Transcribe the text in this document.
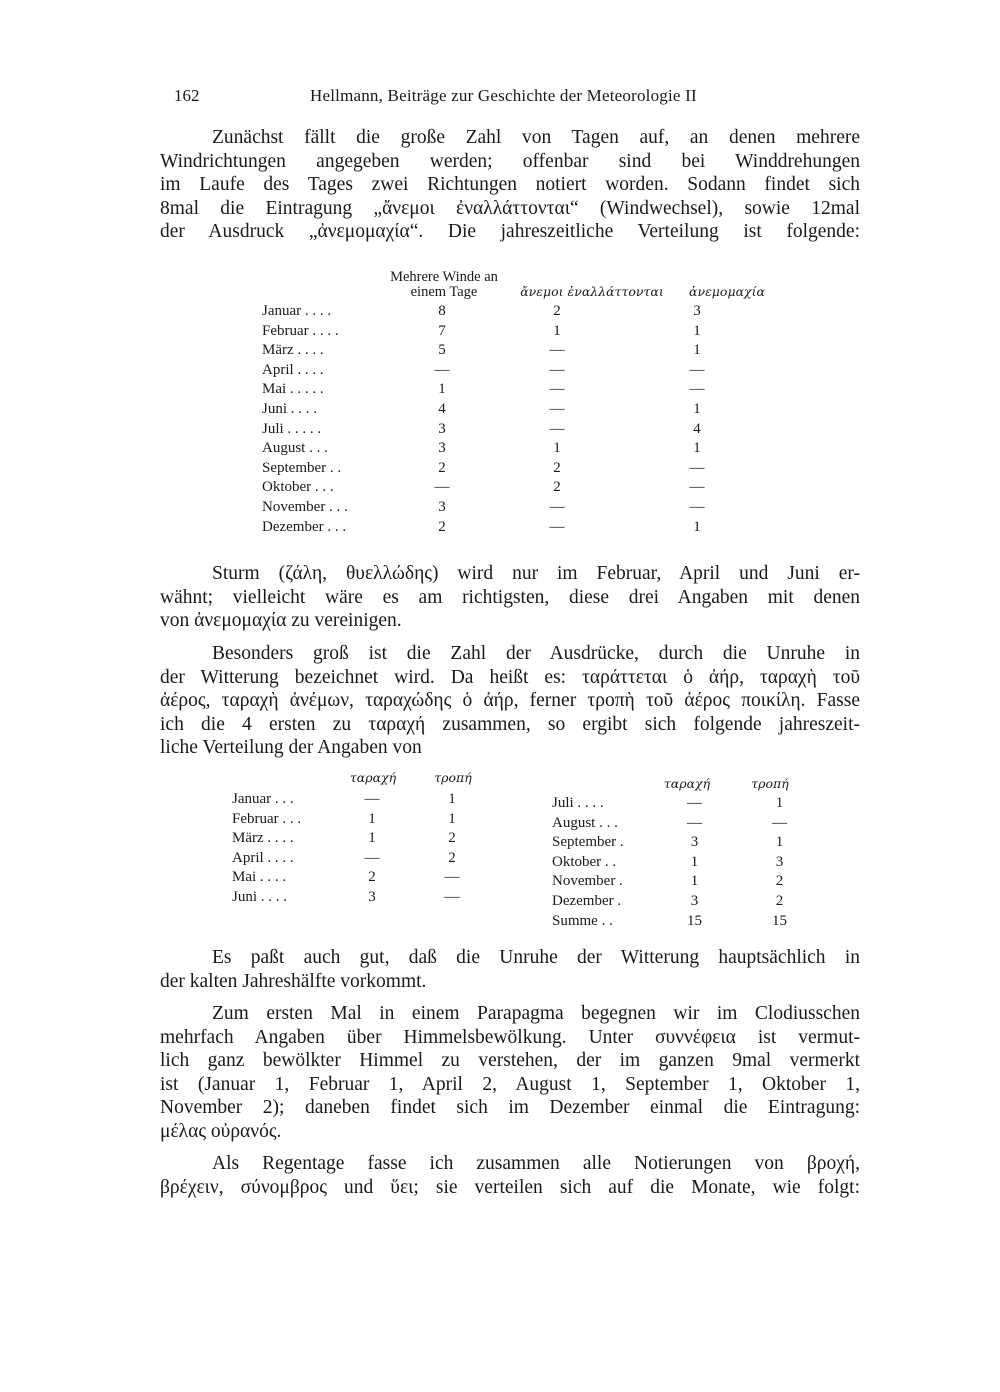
162	Hellmann, Beiträge zur Geschichte der Meteorologie II
Zunächst fällt die große Zahl von Tagen auf, an denen mehrere
Windrichtungen angegeben werden; offenbar sind bei Winddrehungen
im Laufe des Tages zwei Richtungen notiert worden. Sodann findet sich
8mal die Eintragung „ἄνεμοι ἐναλλάττονται“ (Windwechsel), sowie 12mal
der Ausdruck „ἀνεμομαχία“. Die jahreszeitliche Verteilung ist folgende:
Mehrere Winde an einem Tage	ἄνεμοι ἐναλλάττονται	ἀνεμομαχία
Januar . . . .	8	2	3
Februar . . . .	7	1	1
März . . . .	5	—	1
April . . . .	—	—	—
Mai . . . . .	1	—	—
Juni . . . .	4	—	1
Juli . . . . .	3	—	4
August . . .	3	1	1
September . .	2	2	—
Oktober . . .	—	2	—
November . . .	3	—	—
Dezember . . .	2	—	1
Sturm (ζάλη, θυελλώδης) wird nur im Februar, April und Juni er-
wähnt; vielleicht wäre es am richtigsten, diese drei Angaben mit denen
von ἀνεμομαχία zu vereinigen.
Besonders groß ist die Zahl der Ausdrücke, durch die Unruhe in
der Witterung bezeichnet wird. Da heißt es: ταράττεται ὁ ἀήρ, ταραχὴ τοῦ
ἀέρος, ταραχὴ ἀνέμων, ταραχώδης ὁ ἀήρ, ferner τροπὴ τοῦ ἀέρος ποικίλη. Fasse
ich die 4 ersten zu ταραχή zusammen, so ergibt sich folgende jahreszeit-
liche Verteilung der Angaben von
ταραχή	τροπή	ταραχή	τροπή
Januar . . .	—	1
Februar . . .	1	1
März . . . .	1	2
April . . . .	—	2
Mai . . . .	2	—
Juni . . . .	3	—
Juli . . . .	—	1
August . . .	—	—
September .	3	1
Oktober . .	1	3
November .	1	2
Dezember .	3	2
Summe . .	15	15
Es paßt auch gut, daß die Unruhe der Witterung hauptsächlich in
der kalten Jahreshälfte vorkommt.
Zum ersten Mal in einem Parapagma begegnen wir im Clodiusschen
mehrfach Angaben über Himmelsbewölkung. Unter συννέφεια ist vermut-
lich ganz bewölkter Himmel zu verstehen, der im ganzen 9mal vermerkt
ist (Januar 1, Februar 1, April 2, August 1, September 1, Oktober 1,
November 2); daneben findet sich im Dezember einmal die Eintragung:
μέλας οὐρανός.
Als Regentage fasse ich zusammen alle Notierungen von βροχή,
βρέχειν, σύνομβρος und ὕει; sie verteilen sich auf die Monate, wie folgt:
